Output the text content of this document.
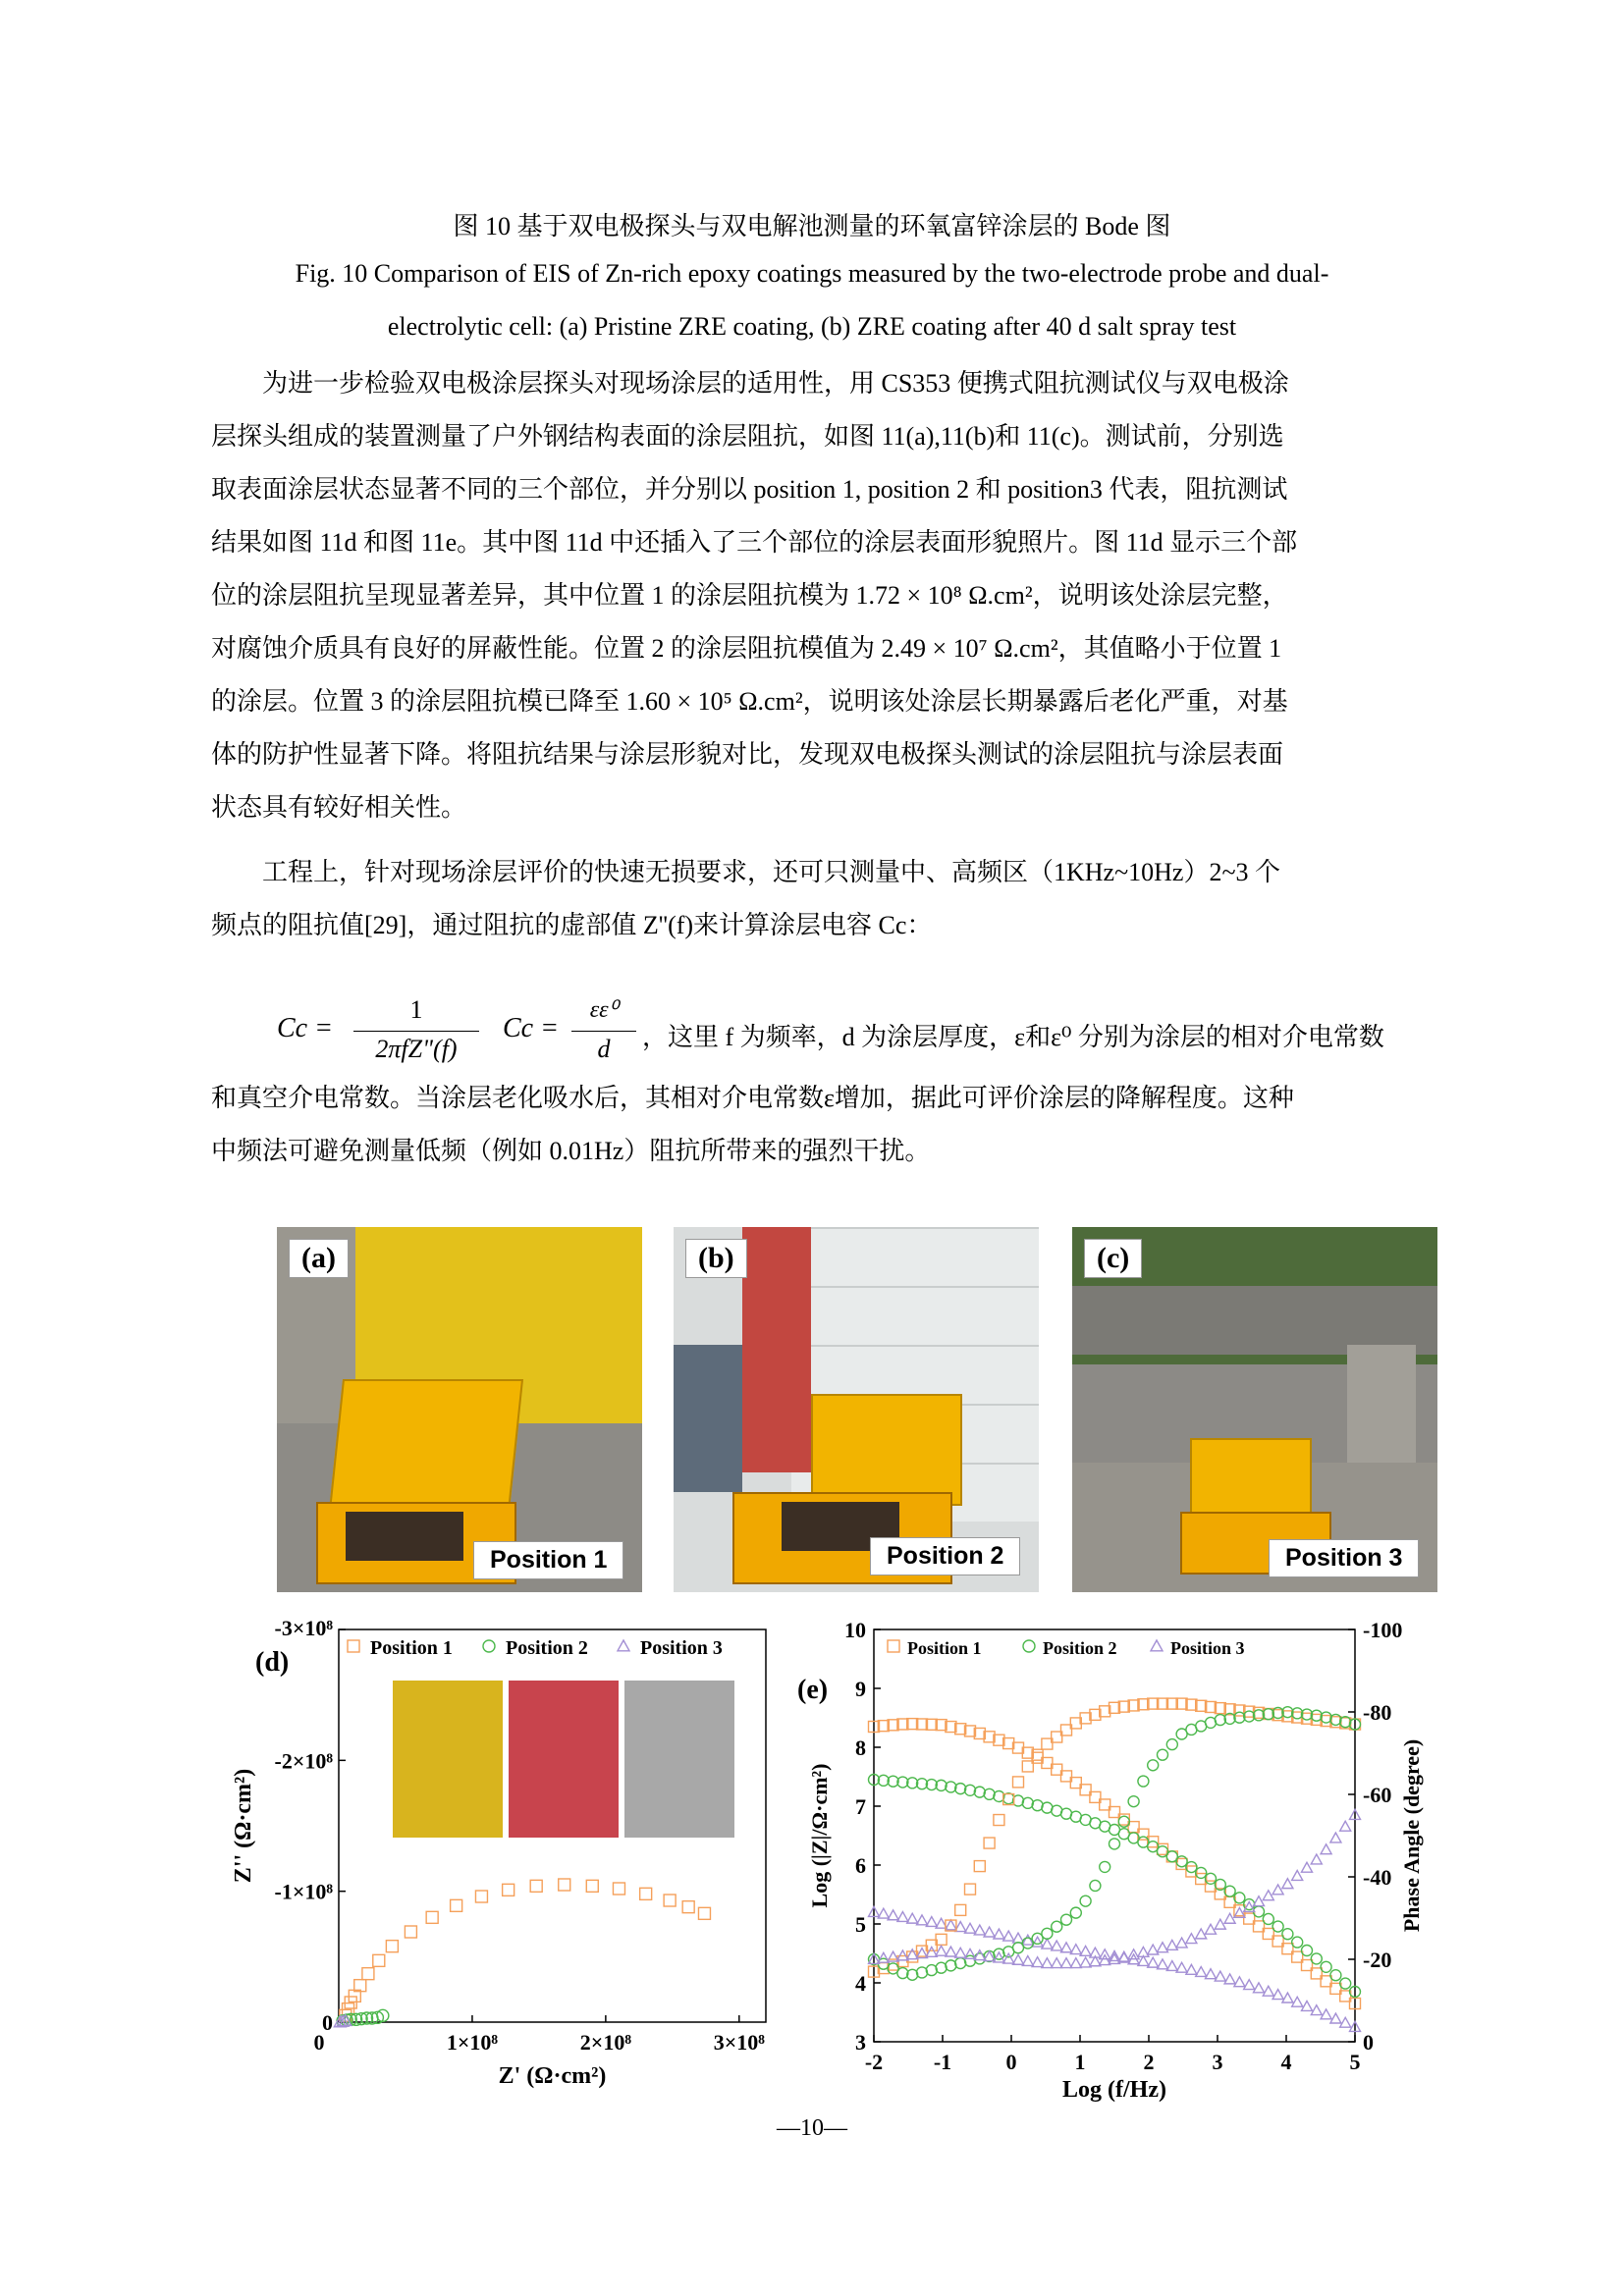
图 10 基于双电极探头与双电解池测量的环氧富锌涂层的 Bode 图
Fig. 10 Comparison of EIS of Zn-rich epoxy coatings measured by the two-electrode probe and dual-
electrolytic cell: (a) Pristine ZRE coating, (b) ZRE coating after 40 d salt spray test
为进一步检验双电极涂层探头对现场涂层的适用性，用 CS353 便携式阻抗测试仪与双电极涂
层探头组成的装置测量了户外钢结构表面的涂层阻抗，如图 11(a),11(b)和 11(c)。测试前，分别选
取表面涂层状态显著不同的三个部位，并分别以 position 1, position 2 和 position3 代表，阻抗测试
结果如图 11d 和图 11e。其中图 11d 中还插入了三个部位的涂层表面形貌照片。图 11d 显示三个部
位的涂层阻抗呈现显著差异，其中位置 1 的涂层阻抗模为 1.72 × 10⁸ Ω.cm²，说明该处涂层完整，
对腐蚀介质具有良好的屏蔽性能。位置 2 的涂层阻抗模值为 2.49 × 10⁷ Ω.cm²，其值略小于位置 1
的涂层。位置 3 的涂层阻抗模已降至 1.60 × 10⁵ Ω.cm²，说明该处涂层长期暴露后老化严重，对基
体的防护性显著下降。将阻抗结果与涂层形貌对比，发现双电极探头测试的涂层阻抗与涂层表面
状态具有较好相关性。
工程上，针对现场涂层评价的快速无损要求，还可只测量中、高频区（1KHz~10Hz）2~3 个
频点的阻抗值[29]，通过阻抗的虚部值 Z''(f)来计算涂层电容 Cc：
Cc =
1
2πfZ"(f)
Cc =
εε⁰
d	，这里 f 为频率，d 为涂层厚度，ε和ε⁰ 分别为涂层的相对介电常数
和真空介电常数。当涂层老化吸水后，其相对介电常数ε增加，据此可评价涂层的降解程度。这种
中频法可避免测量低频（例如 0.01Hz）阻抗所带来的强烈干扰。
(a)
Position 1
(b)
Position 2
(c)
Position 3
0	1×10⁸	2×10⁸	3×10⁸
0
-1×10⁸
-2×10⁸
-3×10⁸
Z' (Ω·cm²)
Z'' (Ω·cm²)
(d)	Position 1	Position 2	Position 3
-2 -1	0	1	2	3	4	5
3
4
5
6
7
8
9
10
0
-20
-40
-60
-80
-100
Log (f/Hz)
Log (|Z|/Ω·cm²)	Phase Angle (degree)
(e)
Position 1	Position 2	Position 3
—10—
